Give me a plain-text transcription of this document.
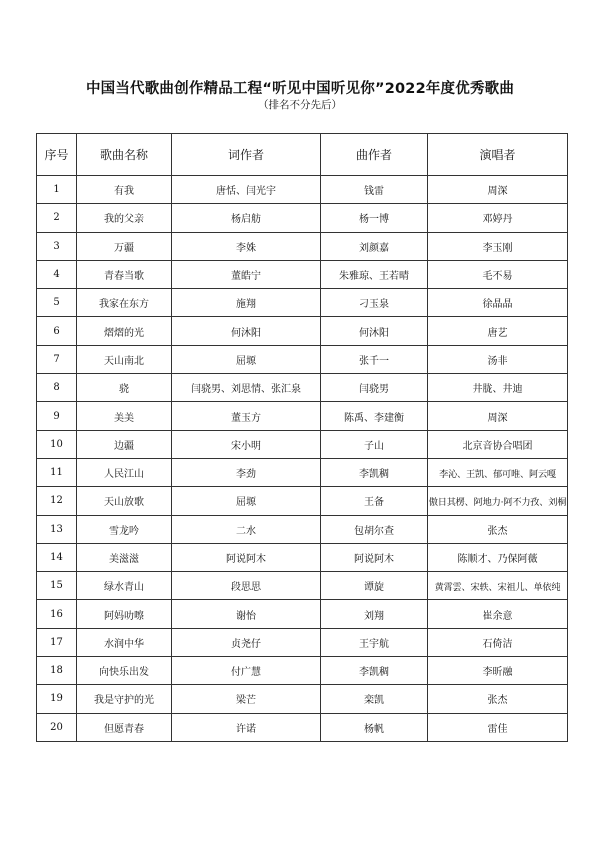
中国当代歌曲创作精品工程“听见中国听见你”2022年度优秀歌曲
（排名不分先后）
序号	歌曲名称	词作者	曲作者	演唱者
1	有我	唐恬、闫光宇	钱雷	周深
2	我的父亲	杨启舫	杨一博	邓婷丹
3	万疆	李姝	刘颜嘉	李玉刚
4	青春当歌	董皓宁	朱雅琼、王若晴	毛不易
5	我家在东方	施翔	刁玉泉	徐晶晶
6	熠熠的光	何沐阳	何沐阳	唐艺
7	天山南北	屈塬	张千一	汤非
8	骁	闫骁男、刘思情、张汇泉	闫骁男	井胧、井迪
9	美美	董玉方	陈禹、李建衡	周深
10	边疆	宋小明	子山	北京音协合唱团
11	人民江山	李劲	李凯稠	李沁、王凯、郁可唯、阿云嘎
12	天山放歌	屈塬	王备	傲日其楞、阿地力·阿不力孜、刘桐
13	雪龙吟	二水	包胡尔查	张杰
14	美滋滋	阿说阿木	阿说阿木	陈顺才、乃保阿薇
15	绿水青山	段思思	谭旋	黄霄雲、宋轶、宋祖儿、单依纯
16	阿妈叻嚓	谢怡	刘翔	崔余意
17	水润中华	贞尧仔	王宇航	石倚洁
18	向快乐出发	付广慧	李凯稠	李昕融
19	我是守护的光	梁芒	栾凯	张杰
20	但愿青春	许诺	杨帆	雷佳
